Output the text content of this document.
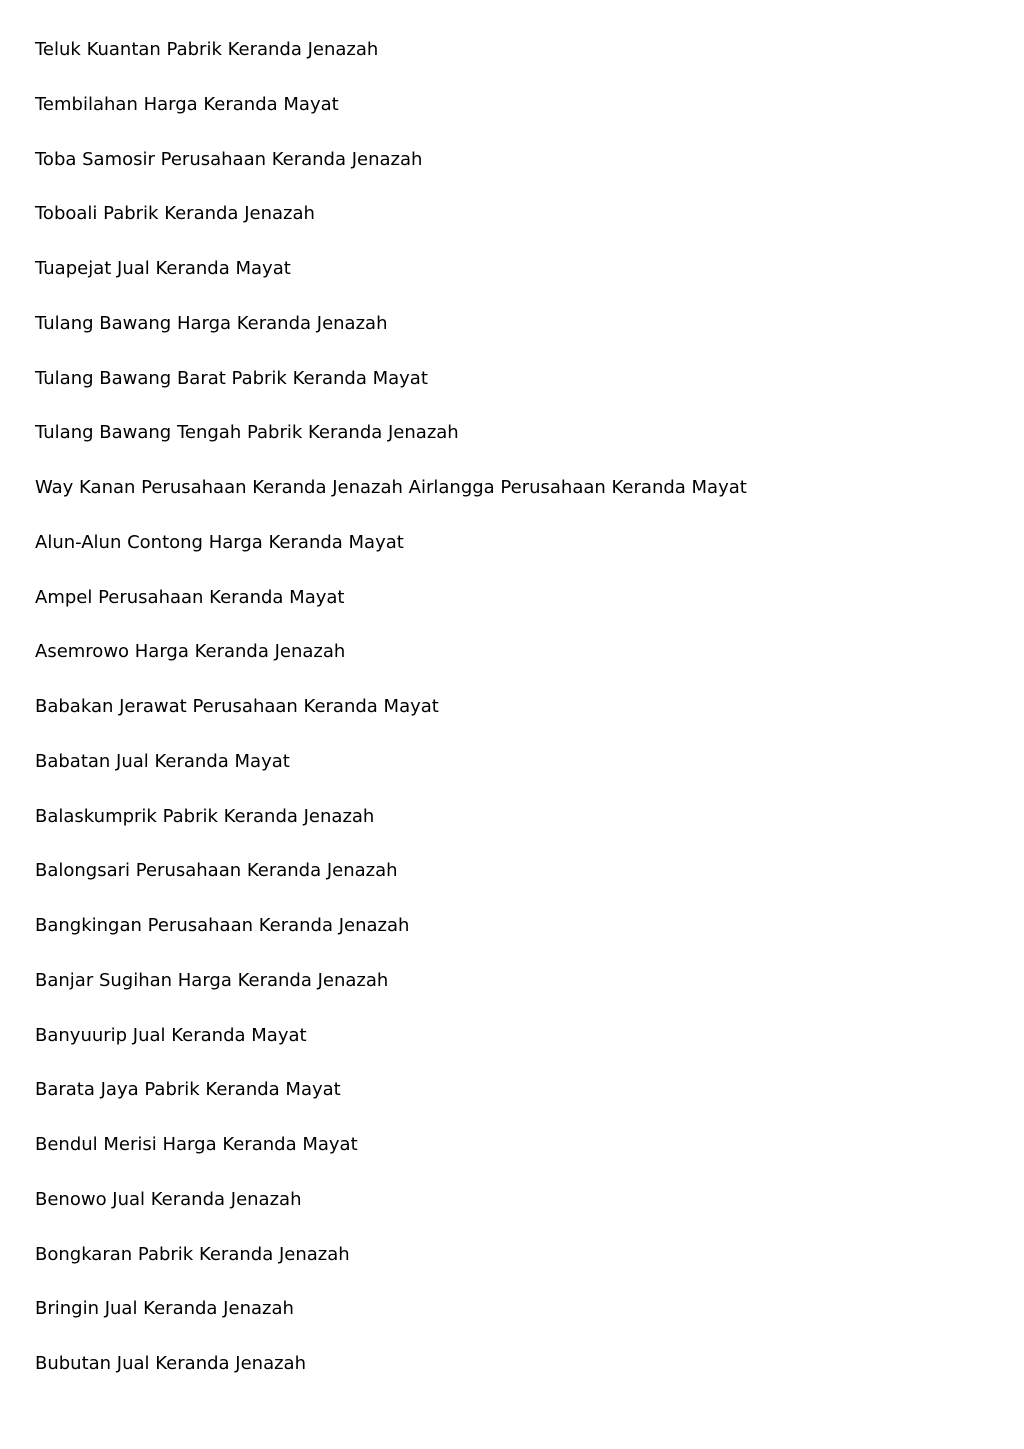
Teluk Kuantan Pabrik Keranda Jenazah
Tembilahan Harga Keranda Mayat
Toba Samosir Perusahaan Keranda Jenazah
Toboali Pabrik Keranda Jenazah
Tuapejat Jual Keranda Mayat
Tulang Bawang Harga Keranda Jenazah
Tulang Bawang Barat Pabrik Keranda Mayat
Tulang Bawang Tengah Pabrik Keranda Jenazah
Way Kanan Perusahaan Keranda Jenazah Airlangga Perusahaan Keranda Mayat
Alun-Alun Contong Harga Keranda Mayat
Ampel Perusahaan Keranda Mayat
Asemrowo Harga Keranda Jenazah
Babakan Jerawat Perusahaan Keranda Mayat
Babatan Jual Keranda Mayat
Balaskumprik Pabrik Keranda Jenazah
Balongsari Perusahaan Keranda Jenazah
Bangkingan Perusahaan Keranda Jenazah
Banjar Sugihan Harga Keranda Jenazah
Banyuurip Jual Keranda Mayat
Barata Jaya Pabrik Keranda Mayat
Bendul Merisi Harga Keranda Mayat
Benowo Jual Keranda Jenazah
Bongkaran Pabrik Keranda Jenazah
Bringin Jual Keranda Jenazah
Bubutan Jual Keranda Jenazah
